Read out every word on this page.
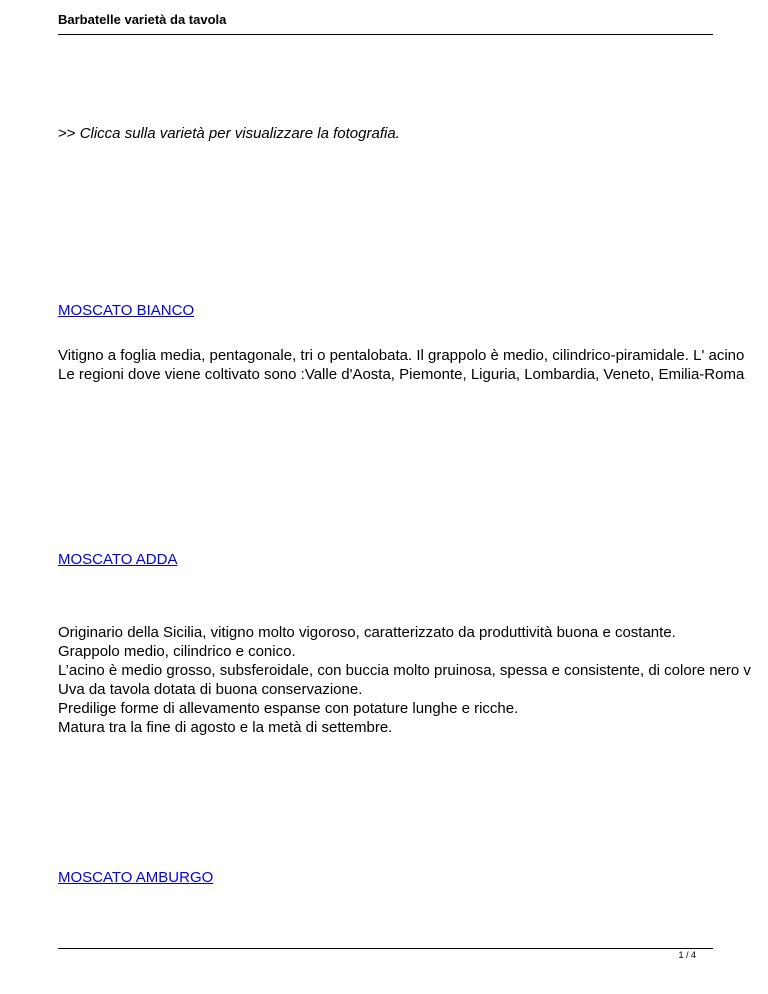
Barbatelle varietà da tavola
>> Clicca sulla varietà per visualizzare la fotografia.
MOSCATO BIANCO
Vitigno a foglia media, pentagonale, tri o pentalobata. Il grappolo è medio, cilindrico-piramidale. L' acino
Le regioni dove viene coltivato sono :Valle d'Aosta, Piemonte, Liguria, Lombardia, Veneto, Emilia-Roma
MOSCATO ADDA
Originario della Sicilia, vitigno molto vigoroso, caratterizzato da produttività buona e costante.
Grappolo medio, cilindrico e conico.
L’acino è medio grosso, subsferoidale, con buccia molto pruinosa, spessa e consistente, di colore nero v
Uva da tavola dotata di buona conservazione.
Predilige forme di allevamento espanse con potature lunghe e ricche.
Matura tra la fine di agosto e la metà di settembre.
MOSCATO AMBURGO
1 / 4
